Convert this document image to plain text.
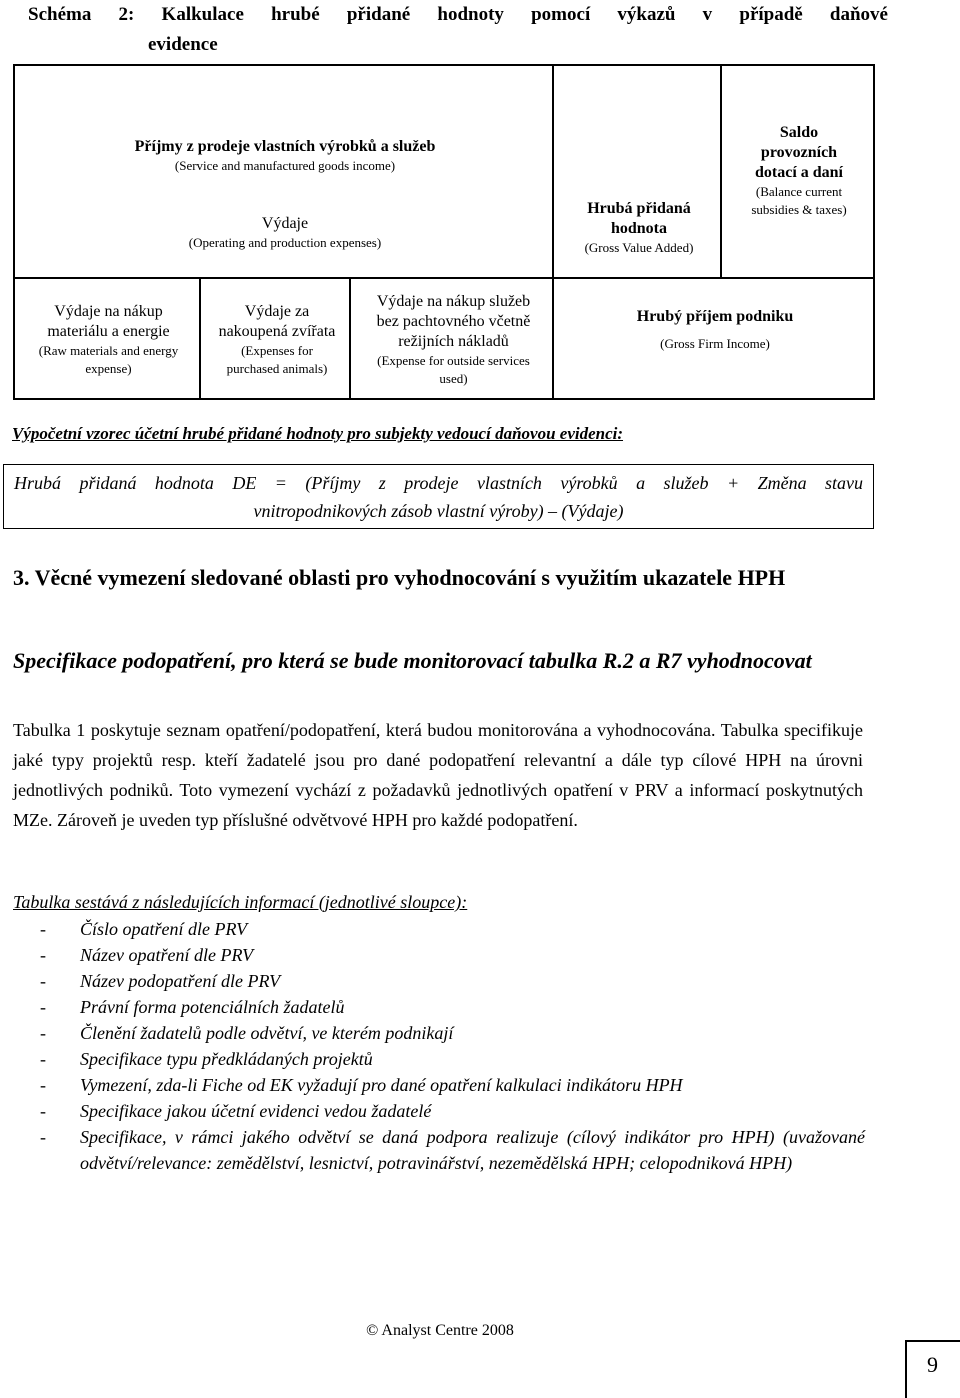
Schéma 2: Kalkulace hrubé přidané hodnoty pomocí výkazů v případě daňové
evidence
Příjmy z prodeje vlastních výrobků a služeb
(Service and manufactured goods income)
Výdaje
(Operating and production expenses)
Hrubá přidaná
hodnota
(Gross Value Added)
Saldo
provozních
dotací a daní
(Balance current
subsidies & taxes)
Výdaje na nákup
materiálu a energie
(Raw materials and energy
expense)
Výdaje za
nakoupená zvířata
(Expenses for
purchased animals)
Výdaje na nákup služeb
bez pachtovného včetně
režijních nákladů
(Expense for outside services
used)
Hrubý příjem podniku
(Gross Firm Income)
Výpočetní vzorec účetní hrubé přidané hodnoty pro subjekty vedoucí daňovou evidenci:
Hrubá přidaná hodnota DE = (Příjmy z prodeje vlastních výrobků a služeb + Změna stavu
vnitropodnikových zásob vlastní výroby) – (Výdaje)
3. Věcné vymezení sledované oblasti pro vyhodnocování s využitím ukazatele HPH
Specifikace podopatření, pro která se bude monitorovací tabulka R.2 a R7 vyhodnocovat
Tabulka 1 poskytuje seznam opatření/podopatření, která budou monitorována a vyhodnocována. Tabulka specifikuje jaké typy projektů resp. kteří žadatelé jsou pro dané podopatření relevantní a dále typ cílové HPH na úrovni jednotlivých podniků. Toto vymezení vychází z požadavků jednotlivých opatření v PRV a informací poskytnutých MZe. Zároveň je uveden typ příslušné odvětvové HPH pro každé podopatření.
Tabulka sestává z následujících informací (jednotlivé sloupce):
- Číslo opatření dle PRV
- Název opatření dle PRV
- Název podopatření dle PRV
- Právní forma potenciálních žadatelů
- Členění žadatelů podle odvětví, ve kterém podnikají
- Specifikace typu předkládaných projektů
- Vymezení, zda-li Fiche od EK vyžadují pro dané opatření kalkulaci indikátoru HPH
- Specifikace jakou účetní evidenci vedou žadatelé
- Specifikace, v rámci jakého odvětví se daná podpora realizuje (cílový indikátor pro HPH) (uvažované odvětví/relevance: zemědělství, lesnictví, potravinářství, nezemědělská HPH; celopodniková HPH)
© Analyst Centre 2008
9
